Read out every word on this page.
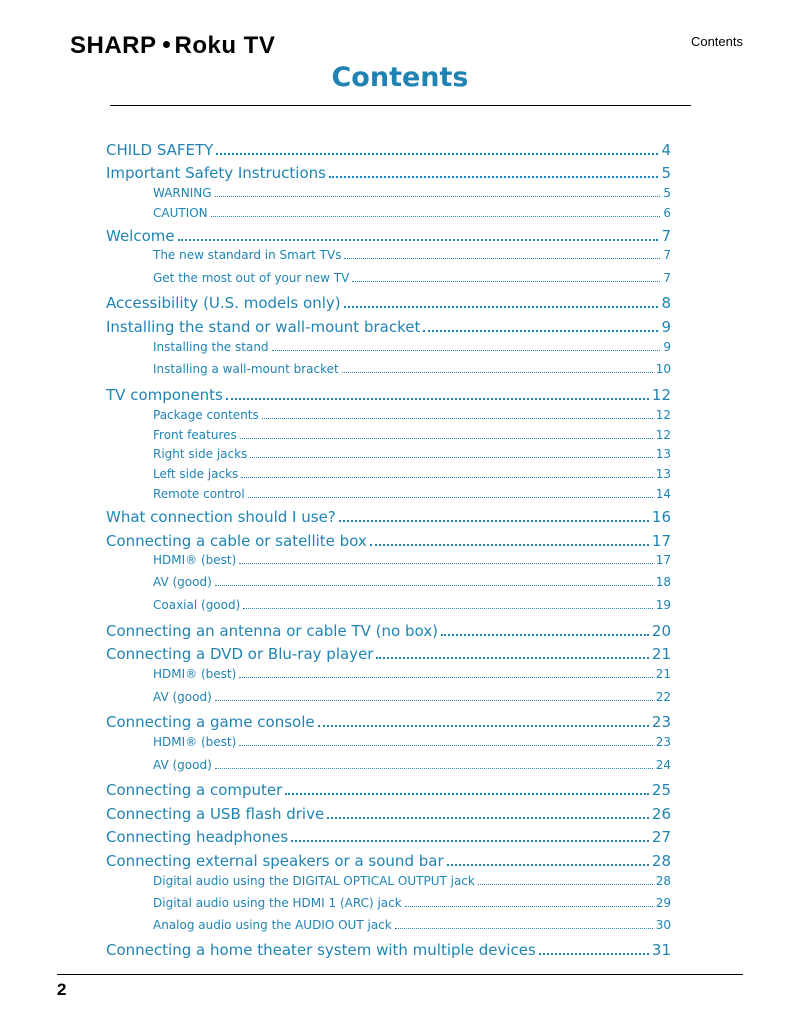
SHARP Roku TV	Contents
Contents
CHILD SAFETY	4
Important Safety Instructions	5
WARNING	5
CAUTION	6
Welcome	7
The new standard in Smart TVs	7
Get the most out of your new TV	7
Accessibility (U.S. models only)	8
Installing the stand or wall-mount bracket	9
Installing the stand	9
Installing a wall-mount bracket	10
TV components	12
Package contents	12
Front features	12
Right side jacks	13
Left side jacks	13
Remote control	14
What connection should I use?	16
Connecting a cable or satellite box	17
HDMI® (best)	17
AV (good)	18
Coaxial (good)	19
Connecting an antenna or cable TV (no box)	20
Connecting a DVD or Blu-ray player	21
HDMI® (best)	21
AV (good)	22
Connecting a game console	23
HDMI® (best)	23
AV (good)	24
Connecting a computer	25
Connecting a USB flash drive	26
Connecting headphones	27
Connecting external speakers or a sound bar	28
Digital audio using the DIGITAL OPTICAL OUTPUT jack	28
Digital audio using the HDMI 1 (ARC) jack	29
Analog audio using the AUDIO OUT jack	30
Connecting a home theater system with multiple devices	31
2
